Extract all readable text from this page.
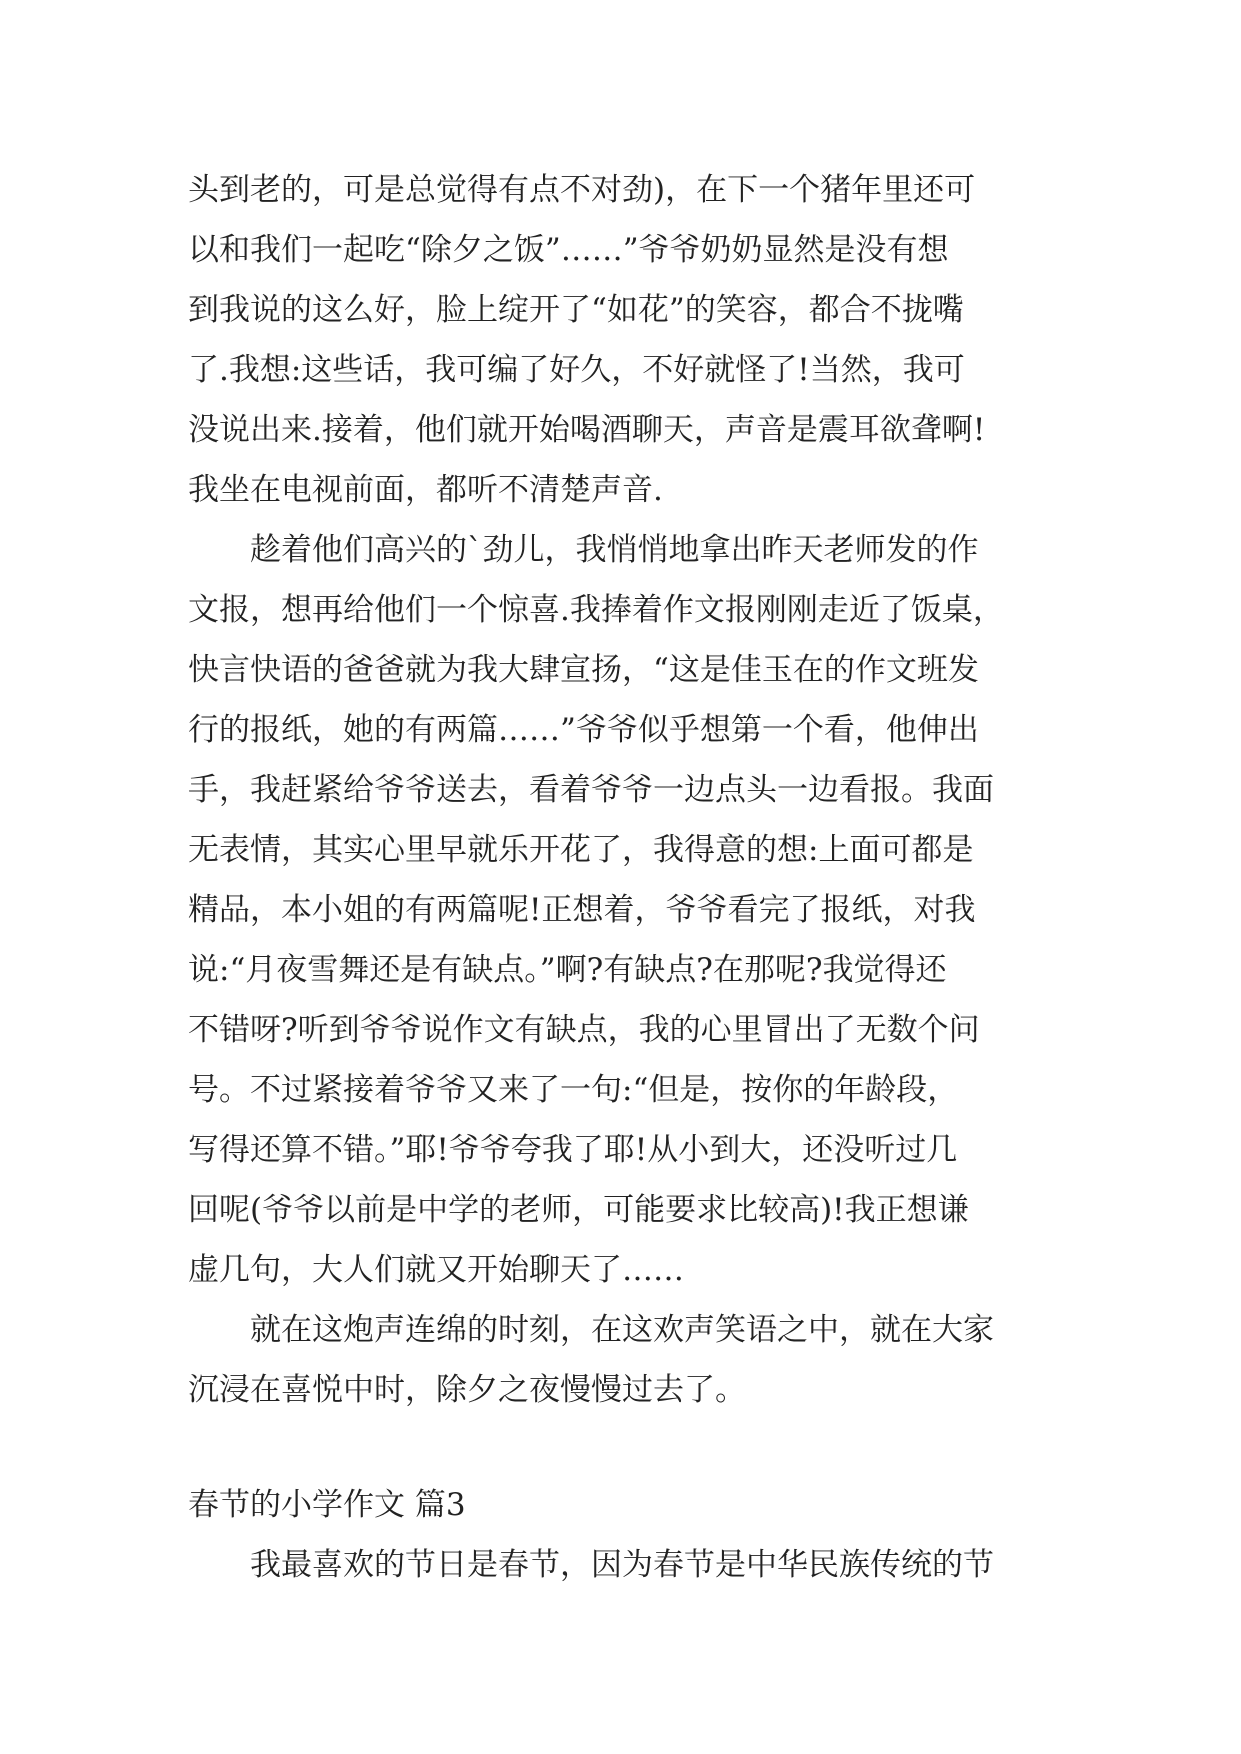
头到老的，可是总觉得有点不对劲)，在下一个猪年里还可
以和我们一起吃“除夕之饭”……”爷爷奶奶显然是没有想
到我说的这么好，脸上绽开了“如花”的笑容，都合不拢嘴
了.我想:这些话，我可编了好久，不好就怪了!当然，我可
没说出来.接着，他们就开始喝酒聊天，声音是震耳欲聋啊!
我坐在电视前面，都听不清楚声音.
　　趁着他们高兴的`劲儿，我悄悄地拿出昨天老师发的作
文报，想再给他们一个惊喜.我捧着作文报刚刚走近了饭桌，
快言快语的爸爸就为我大肆宣扬，“这是佳玉在的作文班发
行的报纸，她的有两篇……”爷爷似乎想第一个看，他伸出
手，我赶紧给爷爷送去，看着爷爷一边点头一边看报。我面
无表情，其实心里早就乐开花了，我得意的想:上面可都是
精品，本小姐的有两篇呢!正想着，爷爷看完了报纸，对我
说:“月夜雪舞还是有缺点。”啊?有缺点?在那呢?我觉得还
不错呀?听到爷爷说作文有缺点，我的心里冒出了无数个问
号。不过紧接着爷爷又来了一句:“但是，按你的年龄段，
写得还算不错。”耶!爷爷夸我了耶!从小到大，还没听过几
回呢(爷爷以前是中学的老师，可能要求比较高)!我正想谦
虚几句，大人们就又开始聊天了……
　　就在这炮声连绵的时刻，在这欢声笑语之中，就在大家
沉浸在喜悦中时，除夕之夜慢慢过去了。
春节的小学作文 篇3
　　我最喜欢的节日是春节，因为春节是中华民族传统的节
